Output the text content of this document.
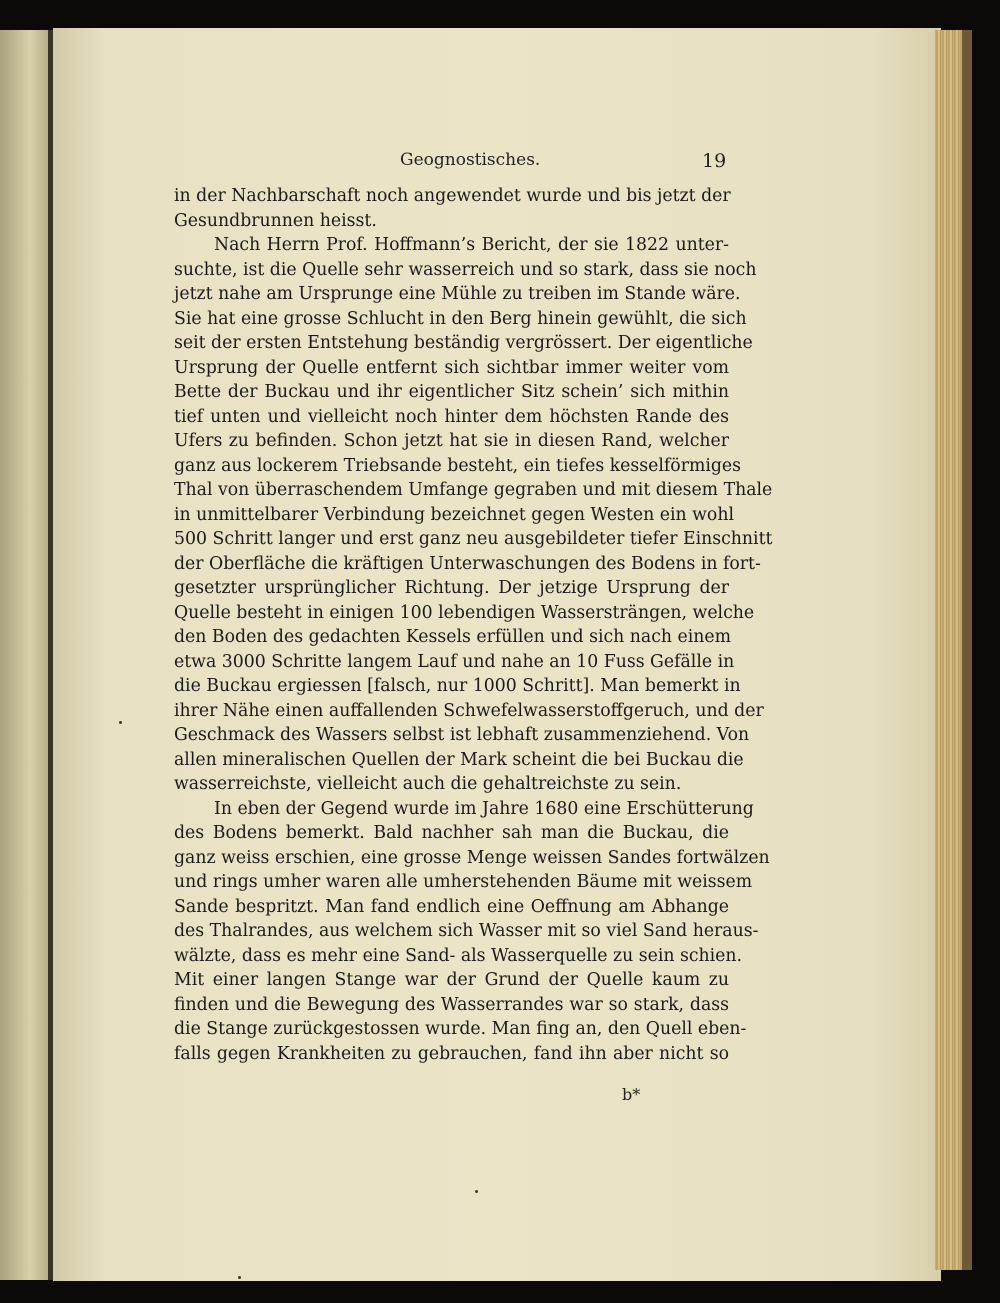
Geognostisches.	19
in der Nachbarschaft noch angewendet wurde und bis jetzt der
Gesundbrunnen heisst.
Nach Herrn Prof. Hoffmann’s Bericht, der sie 1822 unter-
suchte, ist die Quelle sehr wasserreich und so stark, dass sie noch
jetzt nahe am Ursprunge eine Mühle zu treiben im Stande wäre.
Sie hat eine grosse Schlucht in den Berg hinein gewühlt, die sich
seit der ersten Entstehung beständig vergrössert. Der eigentliche
Ursprung der Quelle entfernt sich sichtbar immer weiter vom
Bette der Buckau und ihr eigentlicher Sitz schein’ sich mithin
tief unten und vielleicht noch hinter dem höchsten Rande des
Ufers zu befinden. Schon jetzt hat sie in diesen Rand, welcher
ganz aus lockerem Triebsande besteht, ein tiefes kesselförmiges
Thal von überraschendem Umfange gegraben und mit diesem Thale
in unmittelbarer Verbindung bezeichnet gegen Westen ein wohl
500 Schritt langer und erst ganz neu ausgebildeter tiefer Einschnitt
der Oberfläche die kräftigen Unterwaschungen des Bodens in fort-
gesetzter ursprünglicher Richtung. Der jetzige Ursprung der
Quelle besteht in einigen 100 lebendigen Wassersträngen, welche
den Boden des gedachten Kessels erfüllen und sich nach einem
etwa 3000 Schritte langem Lauf und nahe an 10 Fuss Gefälle in
die Buckau ergiessen [falsch, nur 1000 Schritt]. Man bemerkt in
ihrer Nähe einen auffallenden Schwefelwasserstoffgeruch, und der
Geschmack des Wassers selbst ist lebhaft zusammenziehend. Von
allen mineralischen Quellen der Mark scheint die bei Buckau die
wasserreichste, vielleicht auch die gehaltreichste zu sein.
In eben der Gegend wurde im Jahre 1680 eine Erschütterung
des Bodens bemerkt. Bald nachher sah man die Buckau, die
ganz weiss erschien, eine grosse Menge weissen Sandes fortwälzen
und rings umher waren alle umherstehenden Bäume mit weissem
Sande bespritzt. Man fand endlich eine Oeffnung am Abhange
des Thalrandes, aus welchem sich Wasser mit so viel Sand heraus-
wälzte, dass es mehr eine Sand- als Wasserquelle zu sein schien.
Mit einer langen Stange war der Grund der Quelle kaum zu
finden und die Bewegung des Wasserrandes war so stark, dass
die Stange zurückgestossen wurde. Man fing an, den Quell eben-
falls gegen Krankheiten zu gebrauchen, fand ihn aber nicht so
b*
